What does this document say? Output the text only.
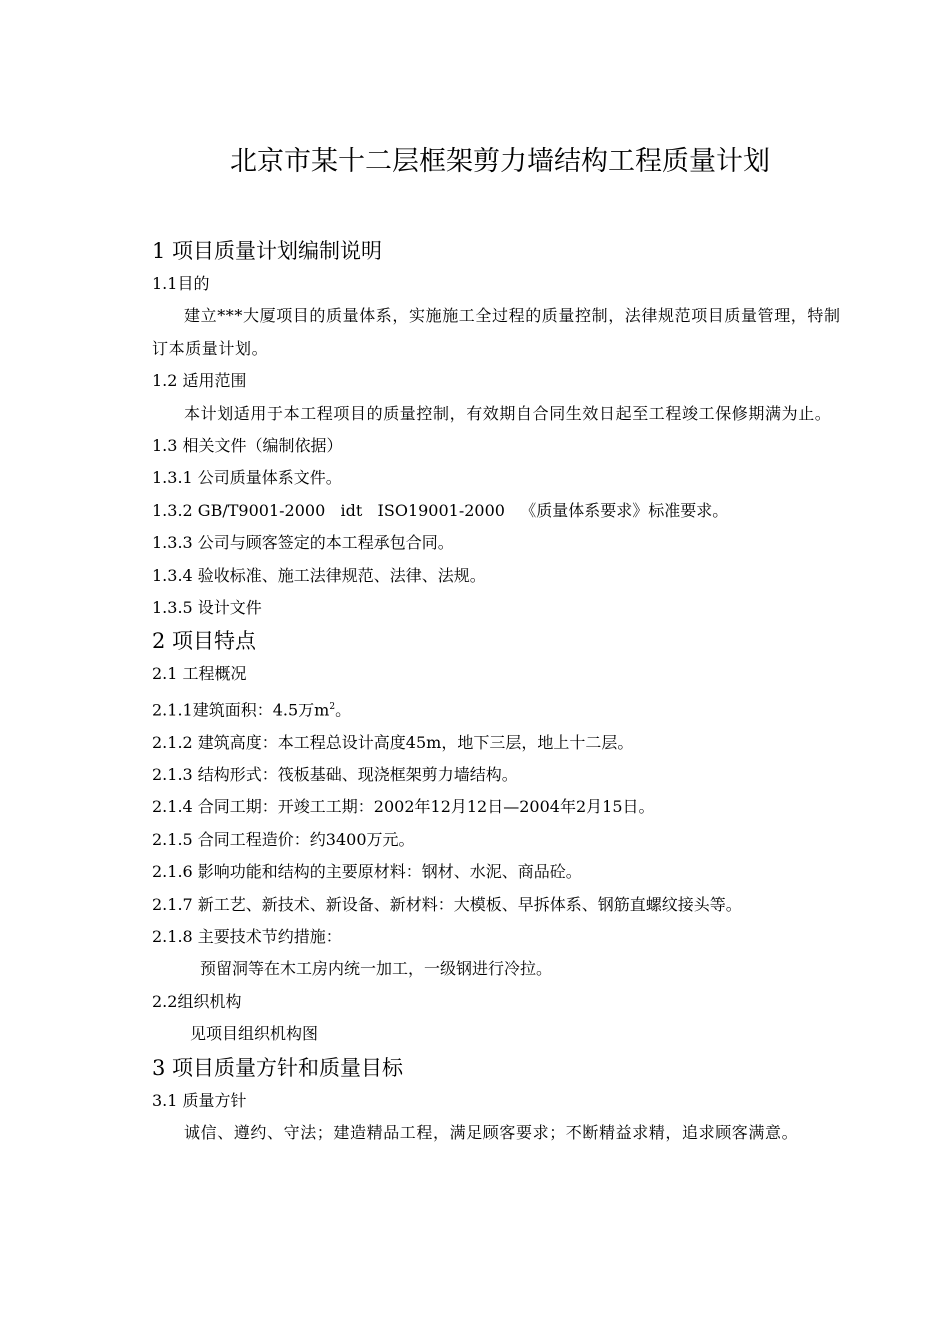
北京市某十二层框架剪力墙结构工程质量计划

1 项目质量计划编制说明

1.1目的

建立***大厦项目的质量体系，实施施工全过程的质量控制，法律规范项目质量管理，特制订本质量计划。

1.2 适用范围

本计划适用于本工程项目的质量控制，有效期自合同生效日起至工程竣工保修期满为止。

1.3 相关文件（编制依据）

1.3.1 公司质量体系文件。

1.3.2 GB/T9001-2000   idt   ISO19001-2000   《质量体系要求》标准要求。

1.3.3 公司与顾客签定的本工程承包合同。

1.3.4 验收标准、施工法律规范、法律、法规。

1.3.5 设计文件

2 项目特点

2.1 工程概况

2.1.1建筑面积：4.5万$m^2$。

2.1.2 建筑高度：本工程总设计高度45m，地下三层，地上十二层。

2.1.3 结构形式：筏板基础、现浇框架剪力墙结构。

2.1.4 合同工期：开竣工工期：2002年12月12日—2004年2月15日。

2.1.5 合同工程造价：约3400万元。

2.1.6 影响功能和结构的主要原材料：钢材、水泥、商品砼。

2.1.7 新工艺、新技术、新设备、新材料：大模板、早拆体系、钢筋直螺纹接头等。

2.1.8 主要技术节约措施：

预留洞等在木工房内统一加工，一级钢进行冷拉。

2.2组织机构

见项目组织机构图

3 项目质量方针和质量目标

3.1 质量方针

诚信、遵约、守法；建造精品工程，满足顾客要求；不断精益求精，追求顾客满意。
